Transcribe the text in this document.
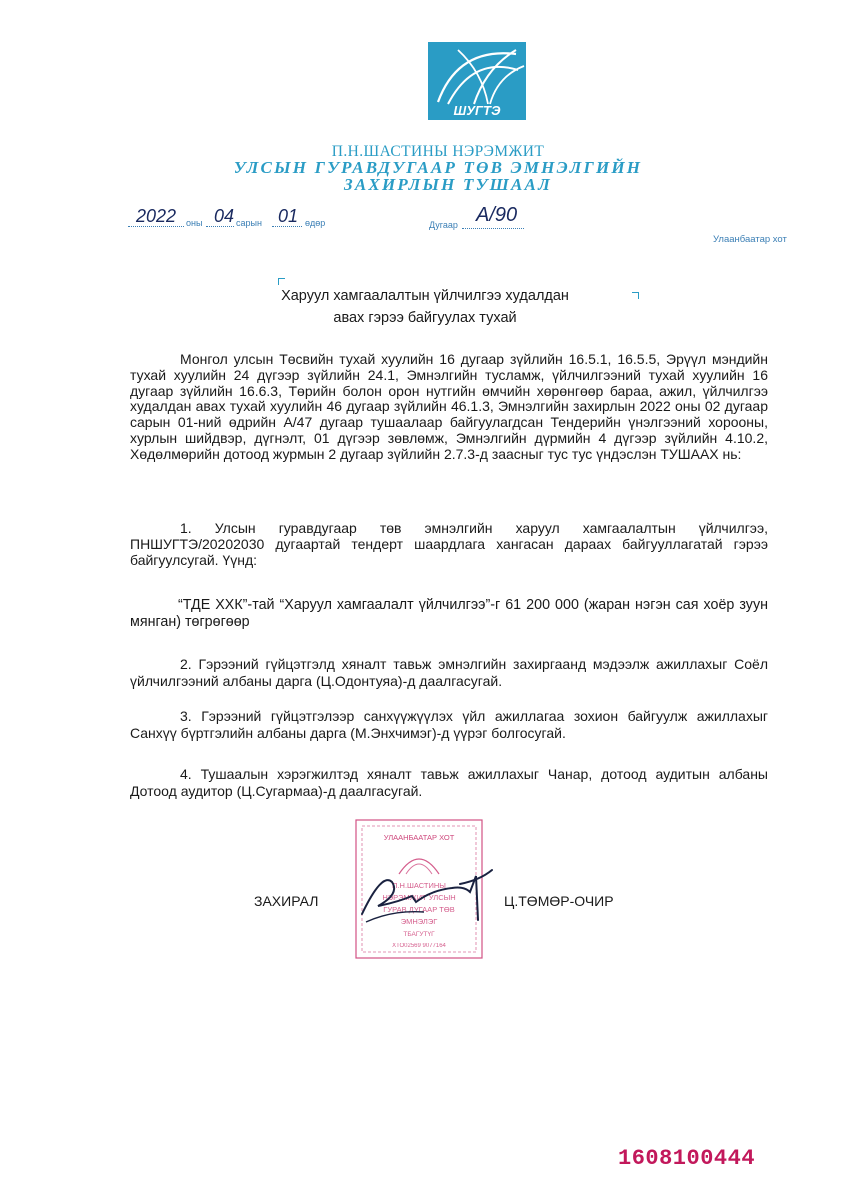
ШУГТЭ
П.Н.ШАСТИНЫ НЭРЭМЖИТ
УЛСЫН ГУРАВДУГААР ТӨВ ЭМНЭЛГИЙН
ЗАХИРЛЫН ТУШААЛ
2022 оны 04 сарын 01 өдөр	Дугаар А/90
Улаанбаатар хот
Харуул хамгаалалтын үйлчилгээ худалдан
авах гэрээ байгуулах тухай
Монгол улсын Төсвийн тухай хуулийн 16 дугаар зүйлийн 16.5.1, 16.5.5, Эрүүл мэндийн тухай хуулийн 24 дүгээр зүйлийн 24.1, Эмнэлгийн тусламж, үйлчилгээний тухай хуулийн 16 дугаар зүйлийн 16.6.3, Төрийн болон орон нутгийн өмчийн хөрөнгөөр бараа, ажил, үйлчилгээ худалдан авах тухай хуулийн 46 дугаар зүйлийн 46.1.3, Эмнэлгийн захирлын 2022 оны 02 дугаар сарын 01-ний өдрийн А/47 дугаар тушаалаар байгуулагдсан Тендерийн үнэлгээний хорооны, хурлын шийдвэр, дүгнэлт, 01 дүгээр зөвлөмж, Эмнэлгийн дүрмийн 4 дүгээр зүйлийн 4.10.2, Хөдөлмөрийн дотоод журмын 2 дугаар зүйлийн 2.7.3-д заасныг тус тус үндэслэн ТУШААХ нь:
1. Улсын гуравдугаар төв эмнэлгийн харуул хамгаалалтын үйлчилгээ, ПНШУГТЭ/20202030 дугаартай тендерт шаардлага хангасан дараах байгууллагатай гэрээ байгуулсугай. Үүнд:
“ТДЕ ХХК”-тай “Харуул хамгаалалт үйлчилгээ”-г 61 200 000 (жаран нэгэн сая хоёр зуун мянган) төгрөгөөр
2. Гэрээний гүйцэтгэлд хяналт тавьж эмнэлгийн захиргаанд мэдээлж ажиллахыг Соёл үйлчилгээний албаны дарга (Ц.Одонтуяа)-д даалгасугай.
3. Гэрээний гүйцэтгэлээр санхүүжүүлэх үйл ажиллагаа зохион байгуулж ажиллахыг Санхүү бүртгэлийн албаны дарга (М.Энхчимэг)-д үүрэг болгосугай.
4. Тушаалын хэрэгжилтэд хяналт тавьж ажиллахыг Чанар, дотоод аудитын албаны Дотоод аудитор (Ц.Сугармаа)-д даалгасугай.
УЛААНБААТАР ХОТ
П.Н.ШАСТИНЫ
НЭРЭМЖИТ УЛСЫН
ГУРАВ ДУГААР ТӨВ
ЭМНЭЛЭГ
ТБАГУТҮГ
ХТО02569 9077164
ЗАХИРАЛ	Ц.ТӨМӨР-ОЧИР
1608100444
